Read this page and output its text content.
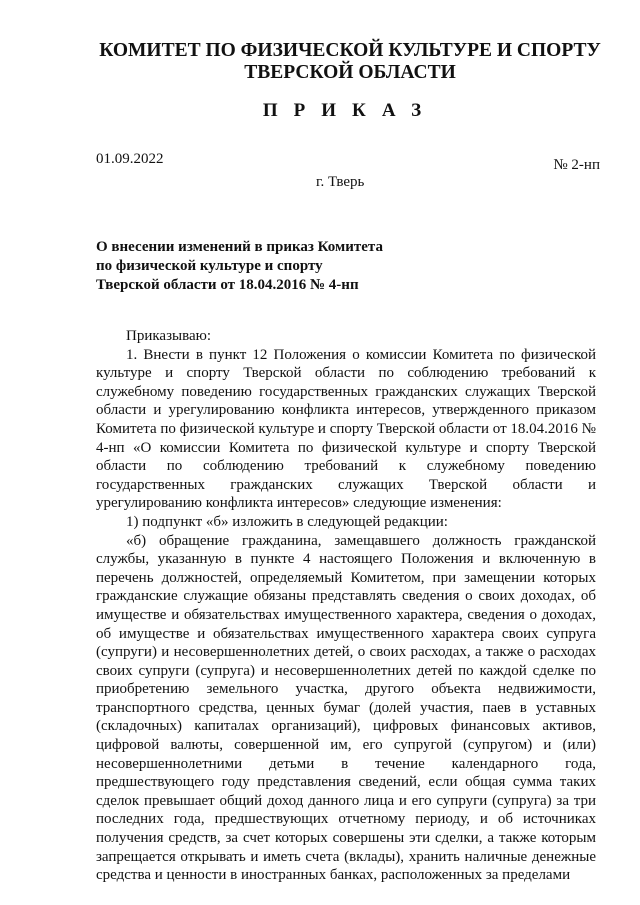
КОМИТЕТ ПО ФИЗИЧЕСКОЙ КУЛЬТУРЕ И СПОРТУ
ТВЕРСКОЙ ОБЛАСТИ
ПРИКАЗ
01.09.2022	№ 2-нп
г. Тверь
О внесении изменений в приказ Комитета
по физической культуре и спорту
Тверской области от 18.04.2016 № 4-нп

Приказываю:

1. Внести в пункт 12 Положения о комиссии Комитета по физической культуре и спорту Тверской области по соблюдению требований к служебному поведению государственных гражданских служащих Тверской области и урегулированию конфликта интересов, утвержденного приказом Комитета по физической культуре и спорту Тверской области от 18.04.2016 № 4-нп «О комиссии Комитета по физической культуре и спорту Тверской области по соблюдению требований к служебному поведению государственных гражданских служащих Тверской области и урегулированию конфликта интересов» следующие изменения:

1) подпункт «б» изложить в следующей редакции:

«б) обращение гражданина, замещавшего должность гражданской службы, указанную в пункте 4 настоящего Положения и включенную в перечень должностей, определяемый Комитетом, при замещении которых гражданские служащие обязаны представлять сведения о своих доходах, об имуществе и обязательствах имущественного характера, сведения о доходах, об имуществе и обязательствах имущественного характера своих супруга (супруги) и несовершеннолетних детей, о своих расходах, а также о расходах своих супруги (супруга) и несовершеннолетних детей по каждой сделке по приобретению земельного участка, другого объекта недвижимости, транспортного средства, ценных бумаг (долей участия, паев в уставных (складочных) капиталах организаций), цифровых финансовых активов, цифровой валюты, совершенной им, его супругой (супругом) и (или) несовершеннолетними детьми в течение календарного года, предшествующего году представления сведений, если общая сумма таких сделок превышает общий доход данного лица и его супруги (супруга) за три последних года, предшествующих отчетному периоду, и об источниках получения средств, за счет которых совершены эти сделки, а также которым запрещается открывать и иметь счета (вклады), хранить наличные денежные средства и ценности в иностранных банках, расположенных за пределами
